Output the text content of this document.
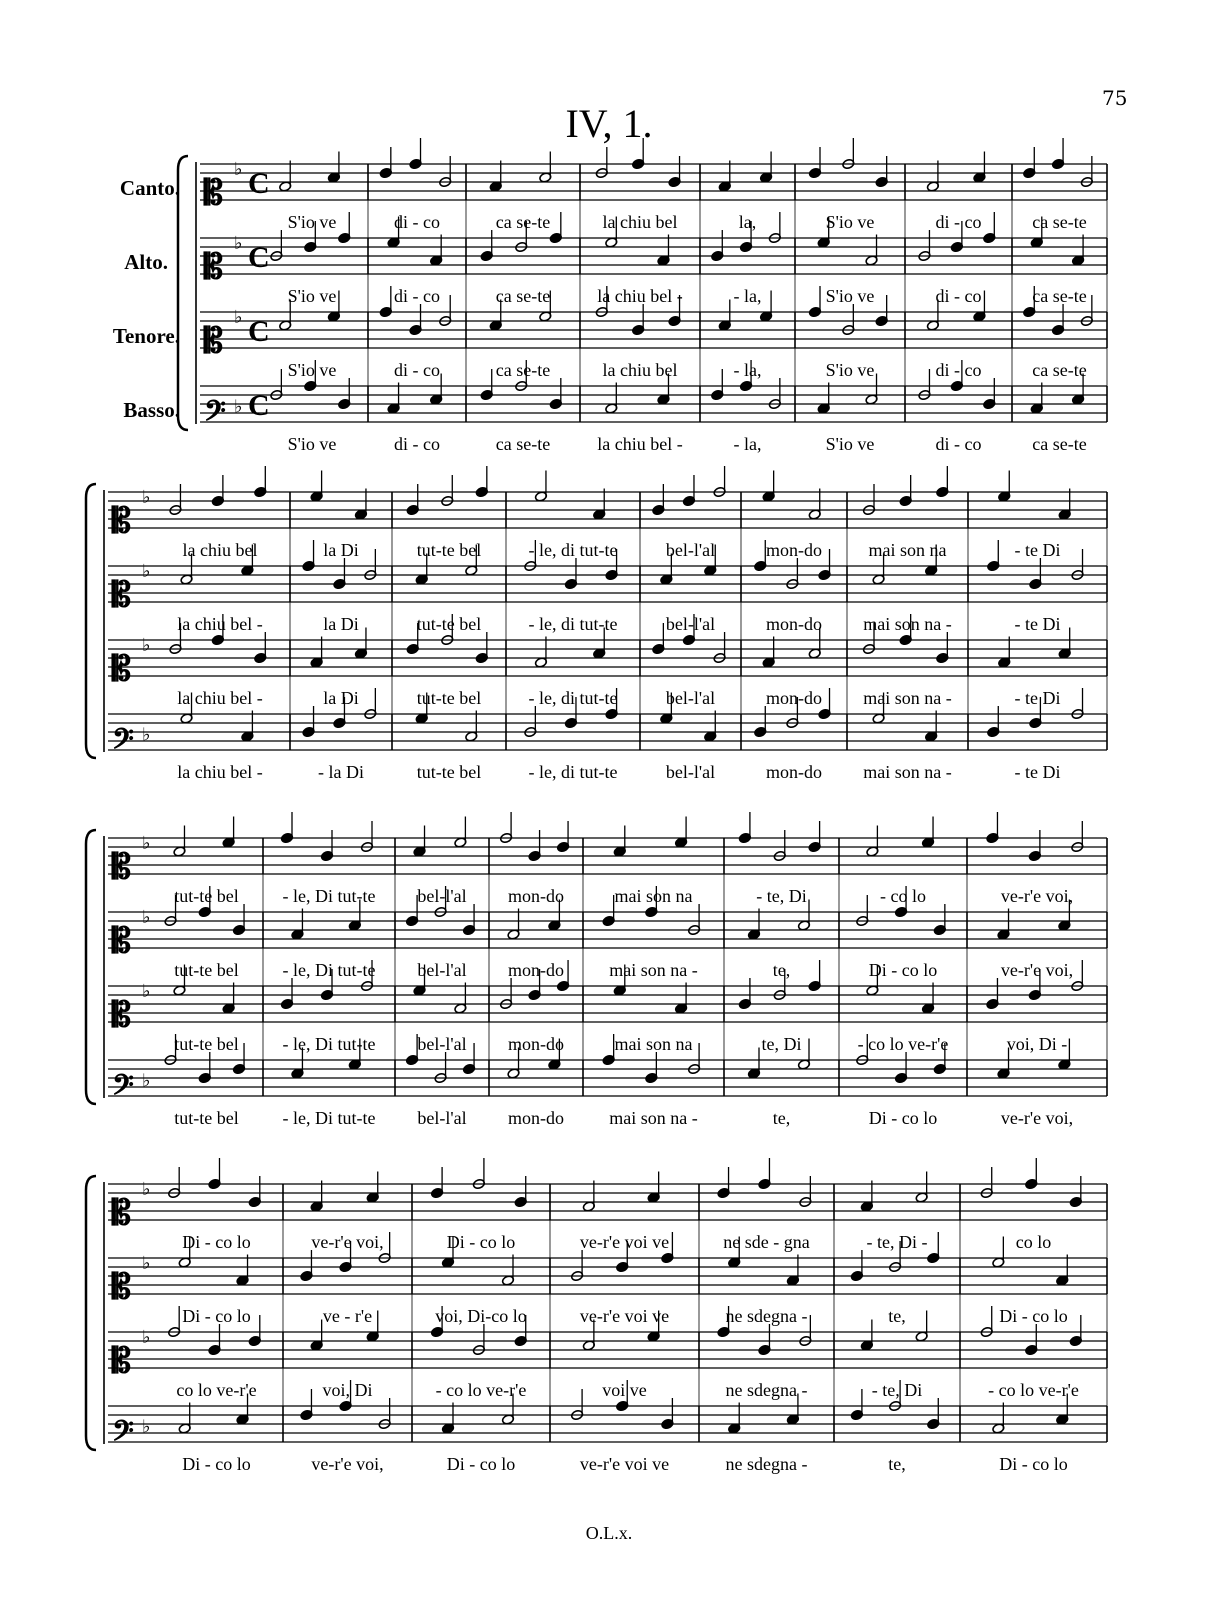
75
IV, 1.
O.L.x.
Canto.
Alto.
Tenore.
Basso.
𝄡
♭ C
S'io ve	di - co	ca se-te	la chiu bel	la,	S'io ve	di - co	ca se-te
𝄡
♭ C
S'io ve	di - co	ca se-te	la chiu bel -	- la,	S'io ve	di - co	ca se-te
𝄡
♭ C
S'io ve	di - co	ca se-te	la chiu bel	- la,	S'io ve	di - co	ca se-te
𝄢 ♭ C
S'io ve	di - co	ca se-te	la chiu bel -	- la,	S'io ve	di - co	ca se-te
𝄡
♭
la chiu bel	la Di	tut-te bel	- le, di tut-te	bel-l'al	mon-do	mai son na	- te Di
𝄡
♭
la chiu bel -	la Di	tut-te bel	- le, di tut-te	bel-l'al	mon-do mai son na -	- te Di
𝄡
♭
la chiu bel -	la Di	tut-te bel	- le, di tut-te	bel-l'al	mon-do mai son na -	- te Di
𝄢 ♭
la chiu bel -	- la Di	tut-te bel	- le, di tut-te	bel-l'al	mon-do mai son na -	- te Di
𝄡
♭
tut-te bel - le, Di tut-te bel-l'al mon-do	mai son na	- te, Di	- co lo	ve-r'e voi,
𝄡
♭
tut-te bel - le, Di tut-te bel-l'al mon-do	mai son na -	te,	Di - co lo	ve-r'e voi,
𝄡
♭
tut-te bel - le, Di tut-te bel-l'al mon-do	mai son na	te, Di	- co lo ve-r'e	voi, Di -
𝄢 ♭
tut-te bel - le, Di tut-te bel-l'al mon-do	mai son na -	te,	Di - co lo	ve-r'e voi,
𝄡
♭
Di - co lo	ve-r'e voi,	Di - co lo	ve-r'e voi ve	ne sde - gna	- te, Di -	co lo
𝄡
♭
Di - co lo	ve - r'e	voi, Di-co lo	ve-r'e voi ve	ne sdegna -	te,	Di - co lo
𝄡
♭
co lo ve-r'e	voi, Di	- co lo ve-r'e	voi ve	ne sdegna -	- te, Di	- co lo ve-r'e
𝄢 ♭
Di - co lo	ve-r'e voi,	Di - co lo	ve-r'e voi ve	ne sdegna -	te,	Di - co lo
